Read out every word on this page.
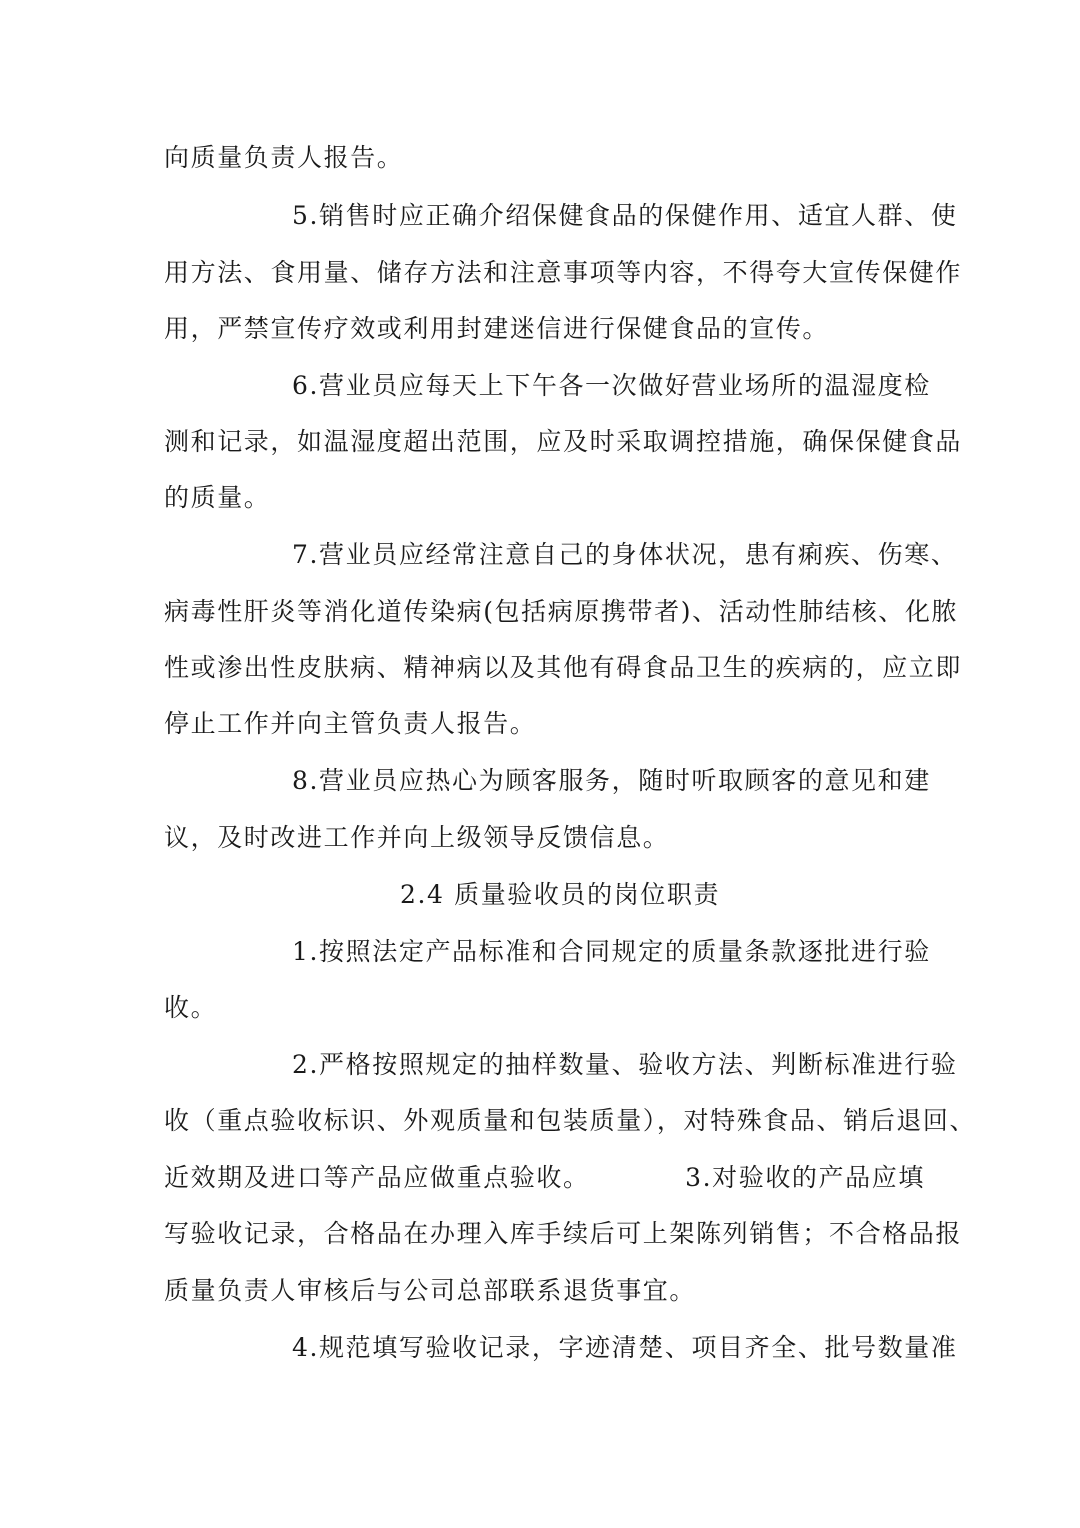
向质量负责人报告。
5.销售时应正确介绍保健食品的保健作用、适宜人群、使
用方法、食用量、储存方法和注意事项等内容，不得夸大宣传保健作
用，严禁宣传疗效或利用封建迷信进行保健食品的宣传。
6.营业员应每天上下午各一次做好营业场所的温湿度检
测和记录，如温湿度超出范围，应及时采取调控措施，确保保健食品
的质量。
7.营业员应经常注意自己的身体状况，患有痢疾、伤寒、
病毒性肝炎等消化道传染病(包括病原携带者)、活动性肺结核、化脓
性或渗出性皮肤病、精神病以及其他有碍食品卫生的疾病的，应立即
停止工作并向主管负责人报告。
8.营业员应热心为顾客服务，随时听取顾客的意见和建
议，及时改进工作并向上级领导反馈信息。
2.4 质量验收员的岗位职责
1.按照法定产品标准和合同规定的质量条款逐批进行验
收。
2.严格按照规定的抽样数量、验收方法、判断标准进行验
收（重点验收标识、外观质量和包装质量），对特殊食品、销后退回、
近效期及进口等产品应做重点验收。          3.对验收的产品应填
写验收记录，合格品在办理入库手续后可上架陈列销售；不合格品报
质量负责人审核后与公司总部联系退货事宜。
4.规范填写验收记录，字迹清楚、项目齐全、批号数量准
